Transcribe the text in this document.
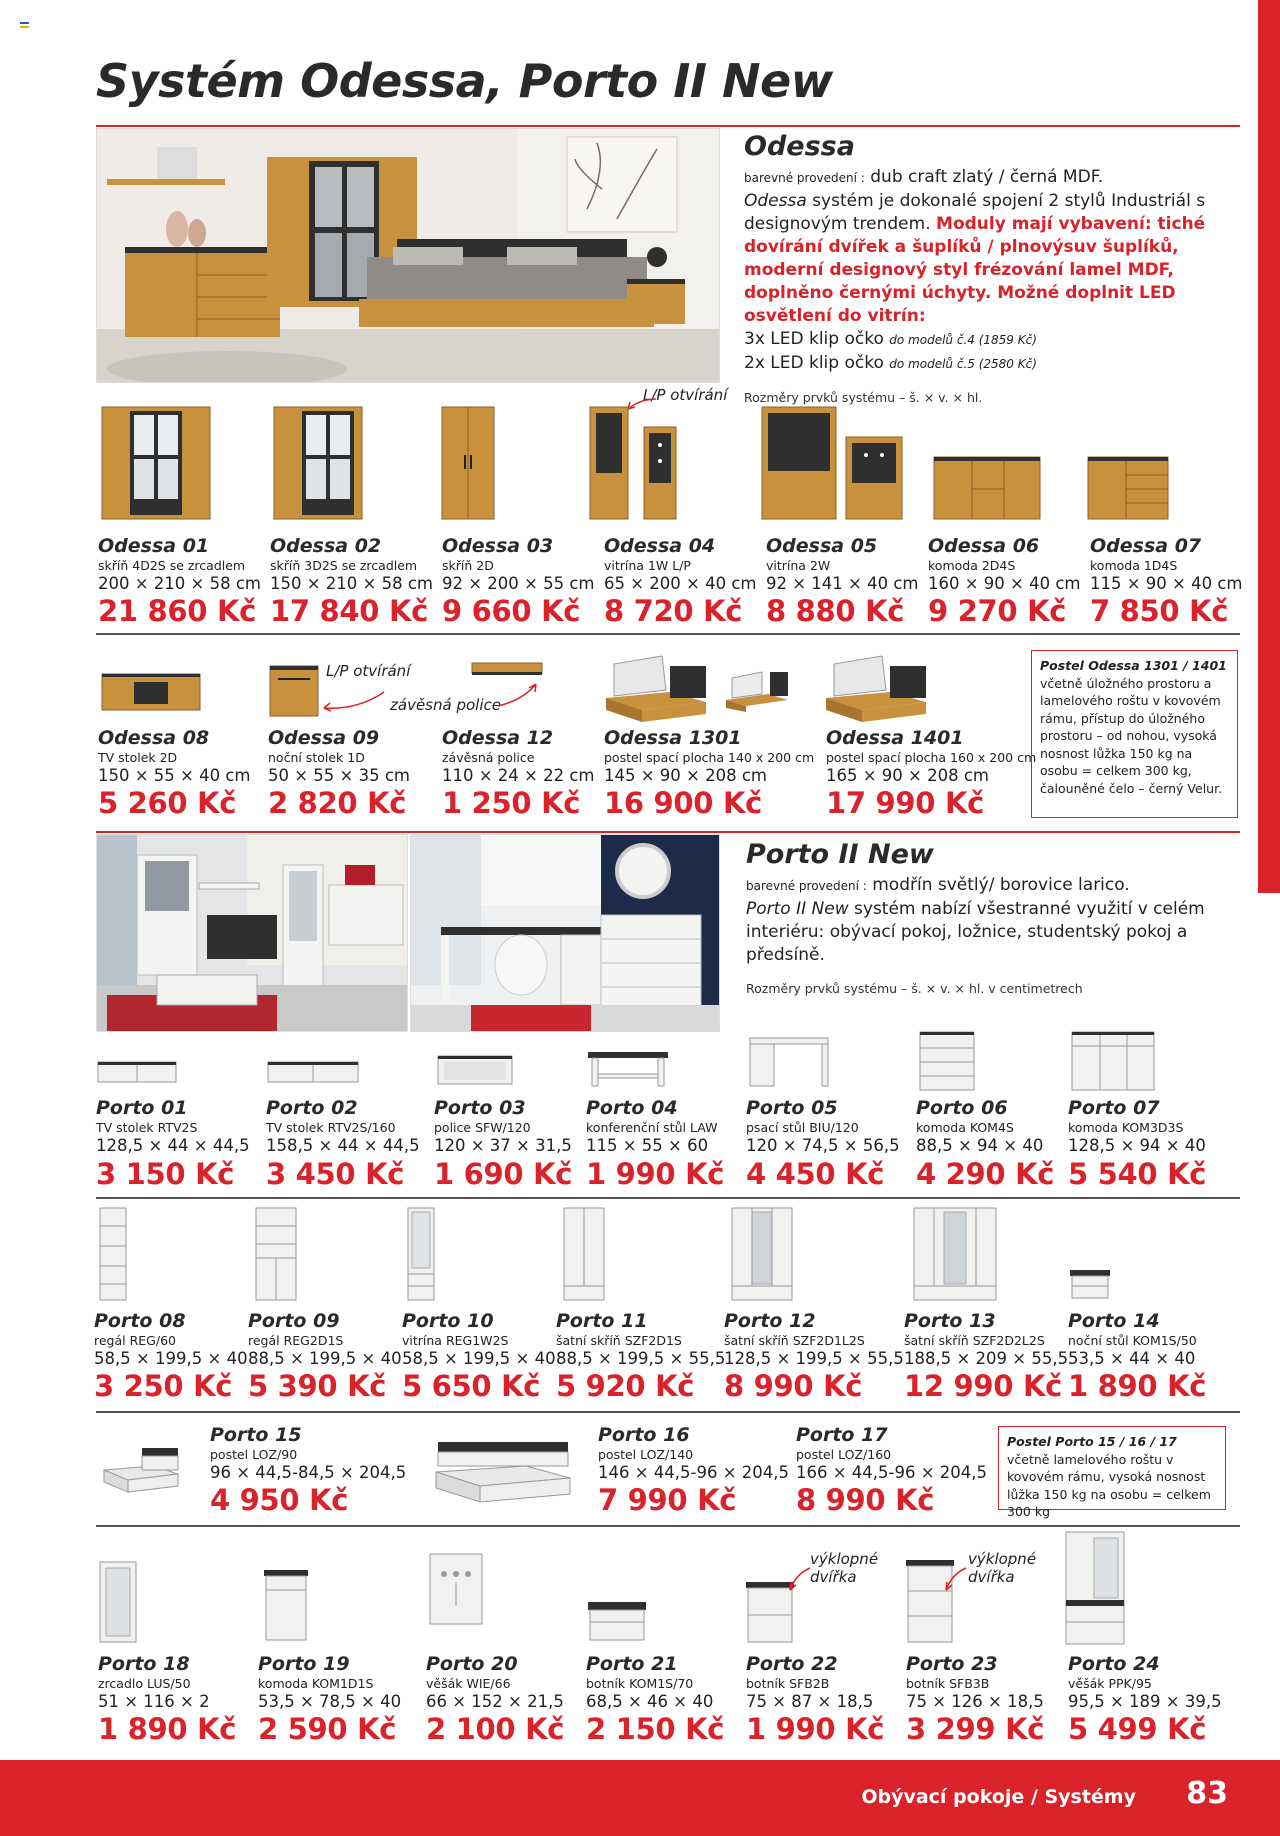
Systém Odessa, Porto II New
Odessa

barevné provedení : dub craft zlatý / černá MDF.

Odessa systém je dokonalé spojení 2 stylů Industriál s designovým trendem. Moduly mají vybavení: tiché dovírání dvířek a šuplíků / plnovýsuv šuplíků, moderní designový styl frézování lamel MDF, doplněno černými úchyty. Možné doplnit LED osvětlení do vitrín:

3x LED klip očko do modelů č.4 (1859 Kč)

2x LED klip očko do modelů č.5 (2580 Kč)

Rozměry prvků systému – š. × v. × hl.

L/P otvírání
Odessa 01
skříň 4D2S se zrcadlem
200 × 210 × 58 cm
21 860 Kč
Odessa 02
skříň 3D2S se zrcadlem
150 × 210 × 58 cm
17 840 Kč
Odessa 03
skříň 2D
92 × 200 × 55 cm
9 660 Kč
Odessa 04
vitrína 1W L/P
65 × 200 × 40 cm
8 720 Kč
Odessa 05
vitrína 2W
92 × 141 × 40 cm
8 880 Kč
Odessa 06
komoda 2D4S
160 × 90 × 40 cm
9 270 Kč
Odessa 07
komoda 1D4S
115 × 90 × 40 cm
7 850 Kč
L/P otvírání
závěsná police
Odessa 08
TV stolek 2D
150 × 55 × 40 cm
5 260 Kč
Odessa 09
noční stolek 1D
50 × 55 × 35 cm
2 820 Kč
Odessa 12
závěsná police
110 × 24 × 22 cm
1 250 Kč
Odessa 1301
postel spací plocha 140 x 200 cm
145 × 90 × 208 cm
16 900 Kč
Odessa 1401
postel spací plocha 160 x 200 cm
165 × 90 × 208 cm
17 990 Kč
Postel Odessa 1301 / 1401
včetně úložného prostoru a lamelového roštu v kovovém rámu, přístup do úložného prostoru – od nohou, vysoká nosnost lůžka 150 kg na osobu = celkem 300 kg, čalouněné čelo – černý Velur.
Porto II New

barevné provedení : modřín světlý/ borovice larico.

Porto II New systém nabízí všestranné využití v celém interiéru: obývací pokoj, ložnice, studentský pokoj a předsíně.

Rozměry prvků systému – š. × v. × hl. v centimetrech

Porto 01
TV stolek RTV2S
128,5 × 44 × 44,5
3 150 Kč
Porto 02
TV stolek RTV2S/160
158,5 × 44 × 44,5
3 450 Kč
Porto 03
police SFW/120
120 × 37 × 31,5
1 690 Kč
Porto 04
konferenční stůl LAW
115 × 55 × 60
1 990 Kč
Porto 05
psací stůl BIU/120
120 × 74,5 × 56,5
4 450 Kč
Porto 06
komoda KOM4S
88,5 × 94 × 40
4 290 Kč
Porto 07
komoda KOM3D3S
128,5 × 94 × 40
5 540 Kč
Porto 08
regál REG/60
58,5 × 199,5 × 40
3 250 Kč
Porto 09
regál REG2D1S
88,5 × 199,5 × 40
5 390 Kč
Porto 10
vitrína REG1W2S
58,5 × 199,5 × 40
5 650 Kč
Porto 11
šatní skříň SZF2D1S
88,5 × 199,5 × 55,5
5 920 Kč
Porto 12
šatní skříň SZF2D1L2S
128,5 × 199,5 × 55,5
8 990 Kč
Porto 13
šatní skříň SZF2D2L2S
188,5 × 209 × 55,5
12 990 Kč
Porto 14
noční stůl KOM1S/50
53,5 × 44 × 40
1 890 Kč
Porto 15
postel LOZ/90
96 × 44,5-84,5 × 204,5
4 950 Kč
Porto 16
postel LOZ/140
146 × 44,5-96 × 204,5
7 990 Kč
Porto 17
postel LOZ/160
166 × 44,5-96 × 204,5
8 990 Kč
Postel Porto 15 / 16 / 17 včetně lamelového roštu v kovovém rámu, vysoká nosnost lůžka 150 kg na osobu = celkem 300 kg
výklopné dvířka
výklopné dvířka
Porto 18
zrcadlo LUS/50
51 × 116 × 2
1 890 Kč
Porto 19
komoda KOM1D1S
53,5 × 78,5 × 40
2 590 Kč
Porto 20
věšák WIE/66
66 × 152 × 21,5
2 100 Kč
Porto 21
botník KOM1S/70
68,5 × 46 × 40
2 150 Kč
Porto 22
botník SFB2B
75 × 87 × 18,5
1 990 Kč
Porto 23
botník SFB3B
75 × 126 × 18,5
3 299 Kč
Porto 24
věšák PPK/95
95,5 × 189 × 39,5
5 499 Kč
Obývací pokoje / Systémy 83
